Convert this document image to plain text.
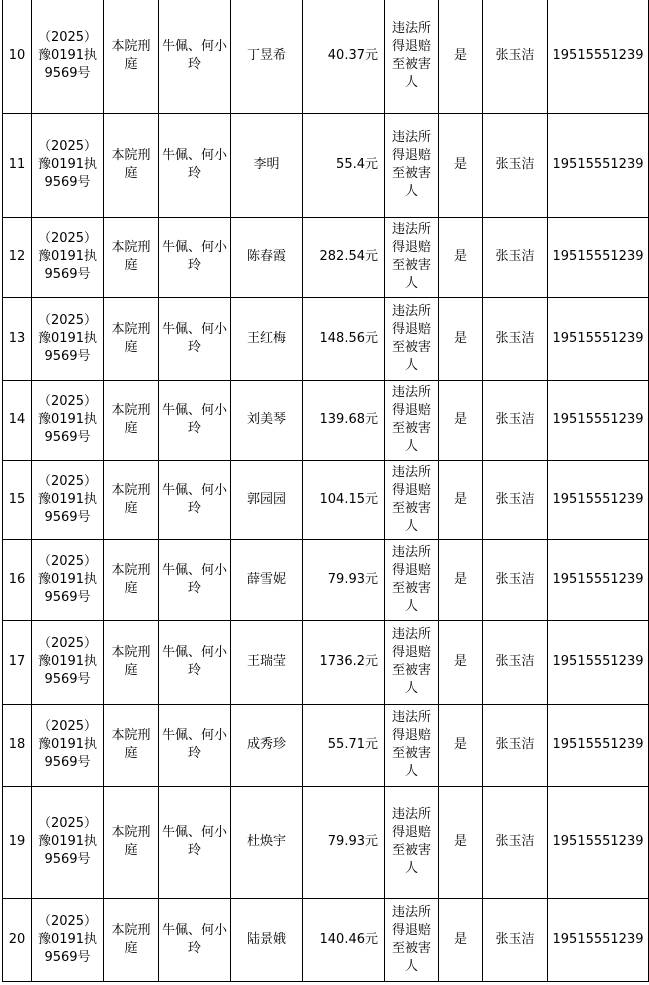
10	（2025）豫0191执9569号	本院刑庭	牛佩、何小玲	丁昱希	40.37元	违法所得退赔至被害人	是	张玉洁	19515551239
11	（2025）豫0191执9569号	本院刑庭	牛佩、何小玲	李明	55.4元	违法所得退赔至被害人	是	张玉洁	19515551239
12	（2025）豫0191执9569号	本院刑庭	牛佩、何小玲	陈春霞	282.54元	违法所得退赔至被害人	是	张玉洁	19515551239
13	（2025）豫0191执9569号	本院刑庭	牛佩、何小玲	王红梅	148.56元	违法所得退赔至被害人	是	张玉洁	19515551239
14	（2025）豫0191执9569号	本院刑庭	牛佩、何小玲	刘美琴	139.68元	违法所得退赔至被害人	是	张玉洁	19515551239
15	（2025）豫0191执9569号	本院刑庭	牛佩、何小玲	郭园园	104.15元	违法所得退赔至被害人	是	张玉洁	19515551239
16	（2025）豫0191执9569号	本院刑庭	牛佩、何小玲	薛雪妮	79.93元	违法所得退赔至被害人	是	张玉洁	19515551239
17	（2025）豫0191执9569号	本院刑庭	牛佩、何小玲	王瑞莹	1736.2元	违法所得退赔至被害人	是	张玉洁	19515551239
18	（2025）豫0191执9569号	本院刑庭	牛佩、何小玲	成秀珍	55.71元	违法所得退赔至被害人	是	张玉洁	19515551239
19	（2025）豫0191执9569号	本院刑庭	牛佩、何小玲	杜焕宇	79.93元	违法所得退赔至被害人	是	张玉洁	19515551239
20	（2025）豫0191执9569号	本院刑庭	牛佩、何小玲	陆景娥	140.46元	违法所得退赔至被害人	是	张玉洁	19515551239
